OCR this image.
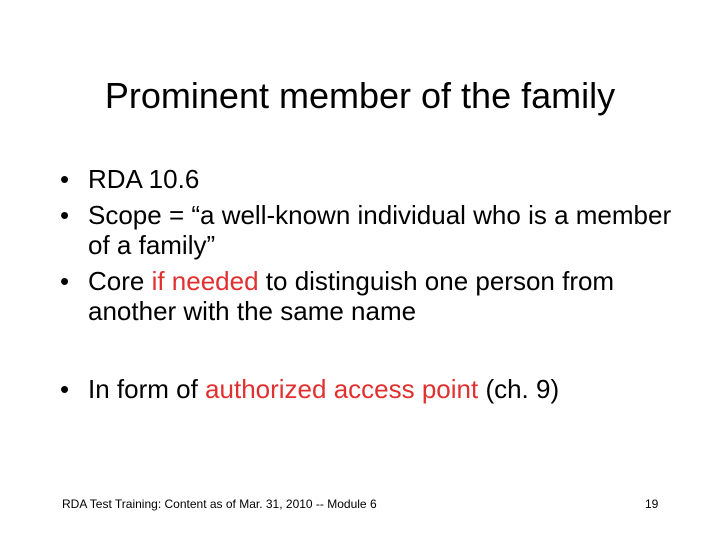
Prominent member of the family
• RDA 10.6
• Scope = “a well-known individual who is a member of a family”
• Core if needed to distinguish one person from another with the same name
• In form of authorized access point (ch. 9)
RDA Test Training: Content as of Mar. 31, 2010 -- Module 6	19
